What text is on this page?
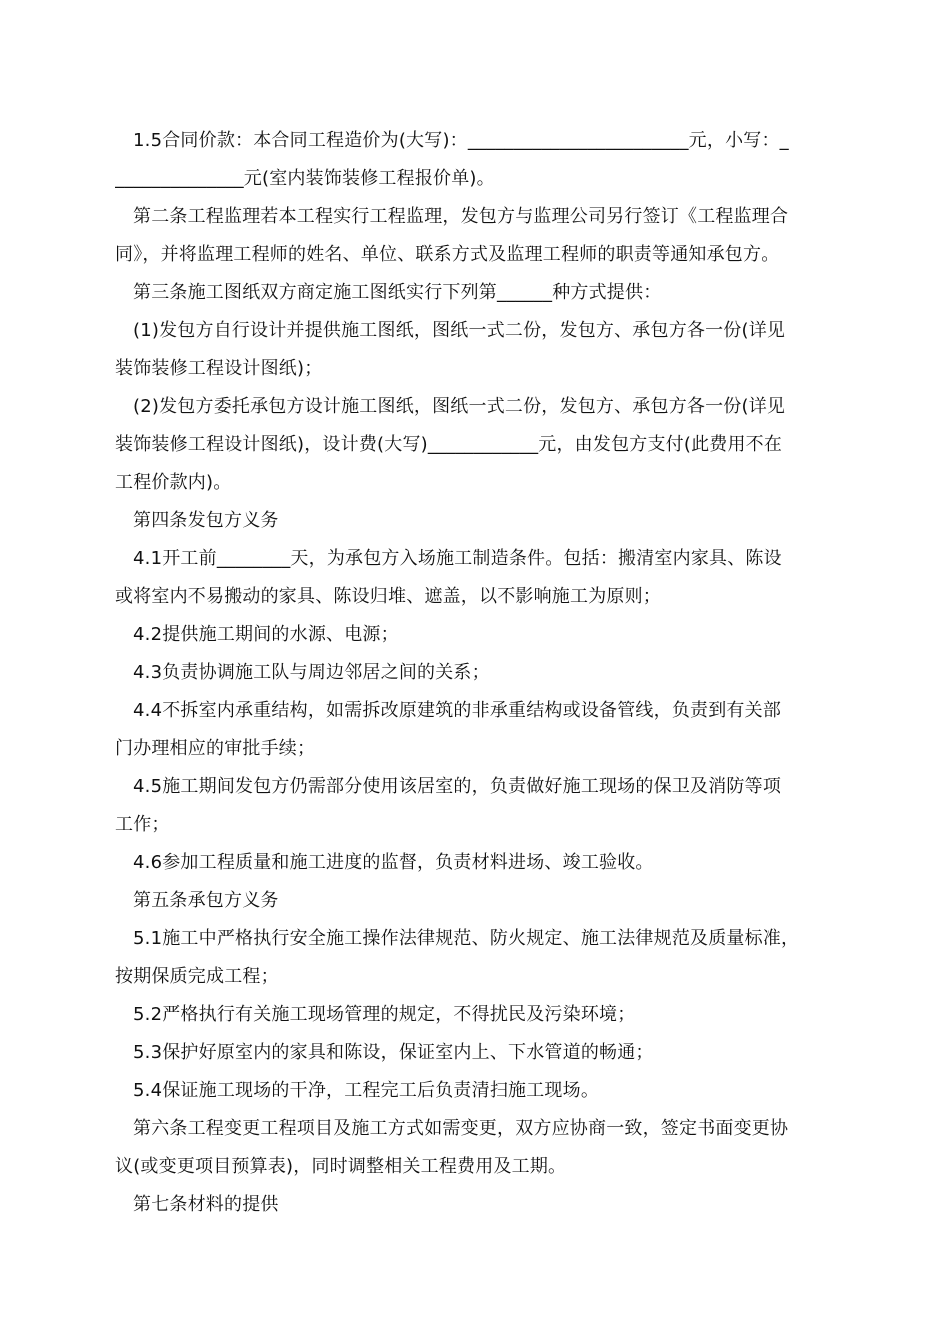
1.5合同价款：本合同工程造价为(大写)：________________________元，小写：_
______________元(室内装饰装修工程报价单)。
第二条工程监理若本工程实行工程监理，发包方与监理公司另行签订《工程监理合
同》，并将监理工程师的姓名、单位、联系方式及监理工程师的职责等通知承包方。
第三条施工图纸双方商定施工图纸实行下列第______种方式提供：
(1)发包方自行设计并提供施工图纸，图纸一式二份，发包方、承包方各一份(详见
装饰装修工程设计图纸)；
(2)发包方委托承包方设计施工图纸，图纸一式二份，发包方、承包方各一份(详见
装饰装修工程设计图纸)，设计费(大写)____________元，由发包方支付(此费用不在
工程价款内)。
第四条发包方义务
4.1开工前________天，为承包方入场施工制造条件。包括：搬清室内家具、陈设
或将室内不易搬动的家具、陈设归堆、遮盖，以不影响施工为原则；
4.2提供施工期间的水源、电源；
4.3负责协调施工队与周边邻居之间的关系；
4.4不拆室内承重结构，如需拆改原建筑的非承重结构或设备管线，负责到有关部
门办理相应的审批手续；
4.5施工期间发包方仍需部分使用该居室的，负责做好施工现场的保卫及消防等项
工作；
4.6参加工程质量和施工进度的监督，负责材料进场、竣工验收。
第五条承包方义务
5.1施工中严格执行安全施工操作法律规范、防火规定、施工法律规范及质量标准，
按期保质完成工程；
5.2严格执行有关施工现场管理的规定，不得扰民及污染环境；
5.3保护好原室内的家具和陈设，保证室内上、下水管道的畅通；
5.4保证施工现场的干净，工程完工后负责清扫施工现场。
第六条工程变更工程项目及施工方式如需变更，双方应协商一致，签定书面变更协
议(或变更项目预算表)，同时调整相关工程费用及工期。
第七条材料的提供
